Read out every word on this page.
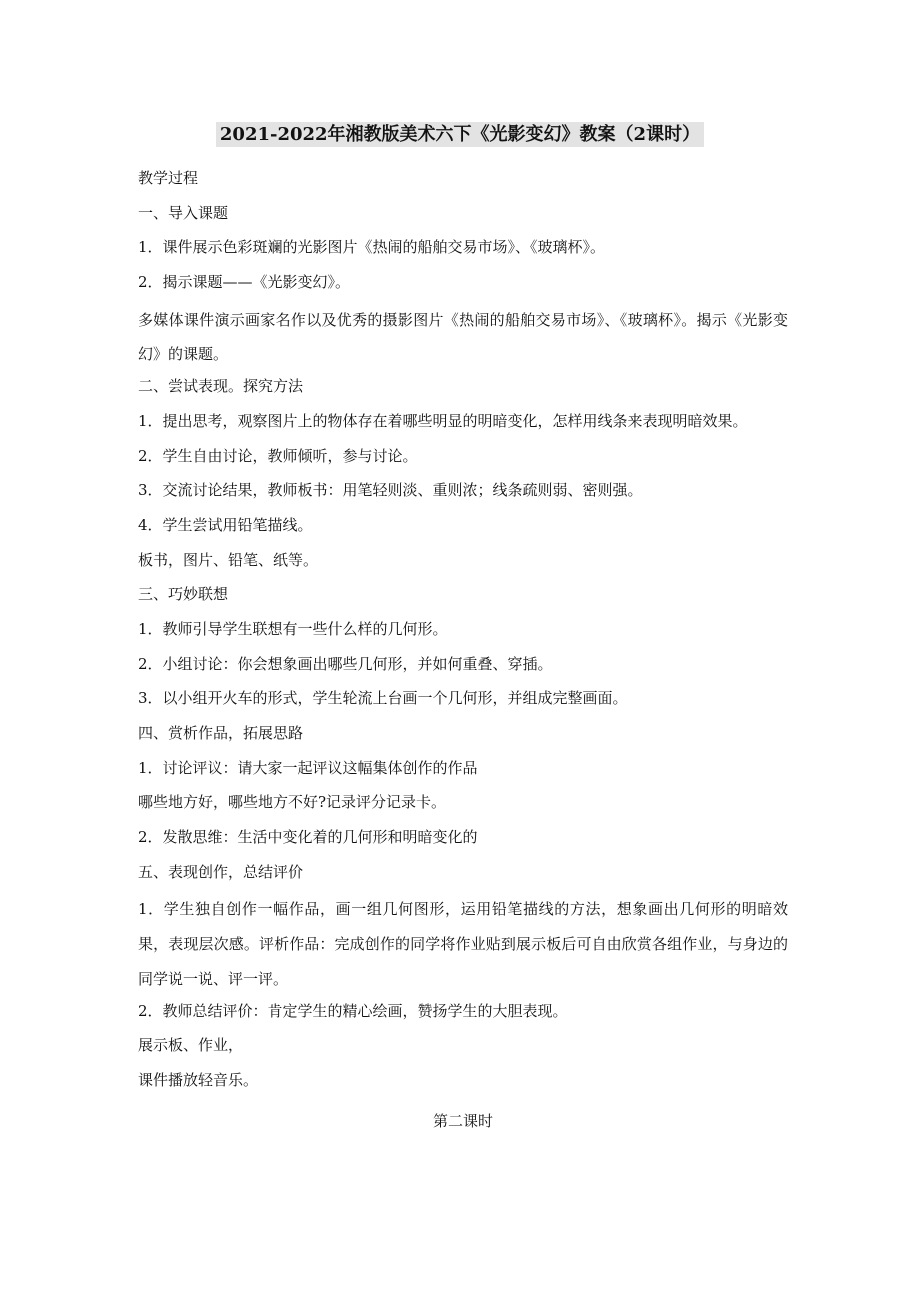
2021-2022年湘教版美术六下《光影变幻》教案（2课时）
教学过程
一、导入课题
1．课件展示色彩斑斓的光影图片《热闹的船舶交易市场》、《玻璃杯》。
2．揭示课题——《光影变幻》。
多媒体课件演示画家名作以及优秀的摄影图片《热闹的船舶交易市场》、《玻璃杯》。揭示《光影变幻》的课题。
二、尝试表现。探究方法
1．提出思考，观察图片上的物体存在着哪些明显的明暗变化，怎样用线条来表现明暗效果。
2．学生自由讨论，教师倾听，参与讨论。
3．交流讨论结果，教师板书：用笔轻则淡、重则浓；线条疏则弱、密则强。
4．学生尝试用铅笔描线。
板书，图片、铅笔、纸等。
三、巧妙联想
1．教师引导学生联想有一些什么样的几何形。
2．小组讨论：你会想象画出哪些几何形，并如何重叠、穿插。
3．以小组开火车的形式，学生轮流上台画一个几何形，并组成完整画面。
四、赏析作品，拓展思路
1．讨论评议：请大家一起评议这幅集体创作的作品
哪些地方好，哪些地方不好?记录评分记录卡。
2．发散思维：生活中变化着的几何形和明暗变化的
五、表现创作，总结评价
1．学生独自创作一幅作品，画一组几何图形，运用铅笔描线的方法，想象画出几何形的明暗效果，表现层次感。评析作品：完成创作的同学将作业贴到展示板后可自由欣赏各组作业，与身边的同学说一说、评一评。
2．教师总结评价：肯定学生的精心绘画，赞扬学生的大胆表现。
展示板、作业，
课件播放轻音乐。
第二课时
